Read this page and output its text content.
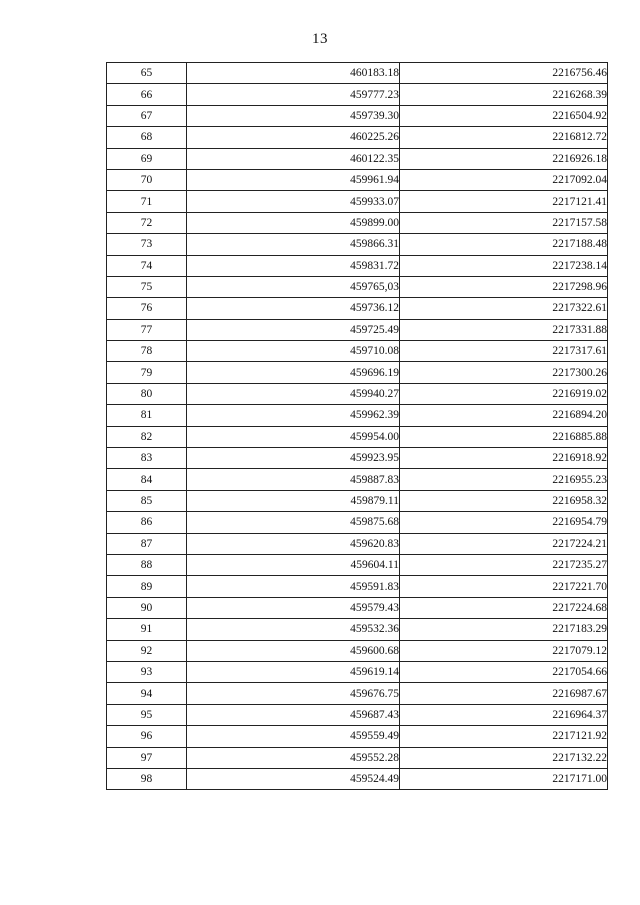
13
65	460183.18	2216756.46
66	459777.23	2216268.39
67	459739.30	2216504.92
68	460225.26	2216812.72
69	460122.35	2216926.18
70	459961.94	2217092.04
71	459933.07	2217121.41
72	459899.00	2217157.58
73	459866.31	2217188.48
74	459831.72	2217238.14
75	459765,03	2217298.96
76	459736.12	2217322.61
77	459725.49	2217331.88
78	459710.08	2217317.61
79	459696.19	2217300.26
80	459940.27	2216919.02
81	459962.39	2216894.20
82	459954.00	2216885.88
83	459923.95	2216918.92
84	459887.83	2216955.23
85	459879.11	2216958.32
86	459875.68	2216954.79
87	459620.83	2217224.21
88	459604.11	2217235.27
89	459591.83	2217221.70
90	459579.43	2217224.68
91	459532.36	2217183.29
92	459600.68	2217079.12
93	459619.14	2217054.66
94	459676.75	2216987.67
95	459687.43	2216964.37
96	459559.49	2217121.92
97	459552.28	2217132.22
98	459524.49	2217171.00
